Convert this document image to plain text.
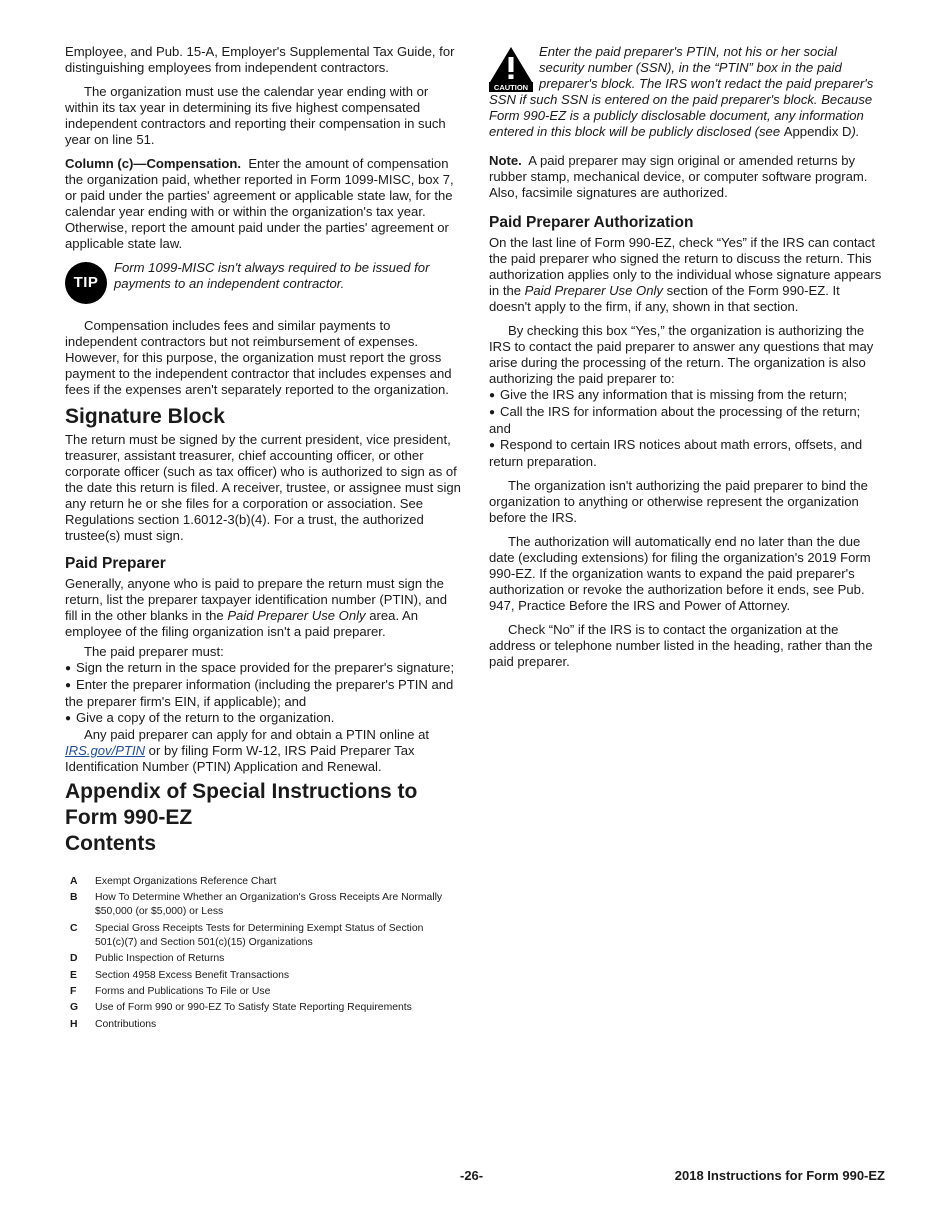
Employee, and Pub. 15-A, Employer's Supplemental Tax Guide, for distinguishing employees from independent contractors.

The organization must use the calendar year ending with or within its tax year in determining its five highest compensated independent contractors and reporting their compensation in such year on line 51.

Column (c)—Compensation. Enter the amount of compensation the organization paid, whether reported in Form 1099-MISC, box 7, or paid under the parties' agreement or applicable state law, for the calendar year ending with or within the organization's tax year. Otherwise, report the amount paid under the parties' agreement or applicable state law.

TIP
Form 1099-MISC isn't always required to be issued for payments to an independent contractor.

Compensation includes fees and similar payments to independent contractors but not reimbursement of expenses. However, for this purpose, the organization must report the gross payment to the independent contractor that includes expenses and fees if the expenses aren't separately reported to the organization.

Signature Block

The return must be signed by the current president, vice president, treasurer, assistant treasurer, chief accounting officer, or other corporate officer (such as tax officer) who is authorized to sign as of the date this return is filed. A receiver, trustee, or assignee must sign any return he or she files for a corporation or association. See Regulations section 1.6012-3(b)(4). For a trust, the authorized trustee(s) must sign.

Paid Preparer

Generally, anyone who is paid to prepare the return must sign the return, list the preparer taxpayer identification number (PTIN), and fill in the other blanks in the Paid Preparer Use Only area. An employee of the filing organization isn't a paid preparer.

The paid preparer must:

● Sign the return in the space provided for the preparer's signature;

● Enter the preparer information (including the preparer's PTIN and the preparer firm's EIN, if applicable); and

● Give a copy of the return to the organization.

Any paid preparer can apply for and obtain a PTIN online at IRS.gov/PTIN or by filing Form W-12, IRS Paid Preparer Tax Identification Number (PTIN) Application and Renewal.

Appendix of Special Instructions to Form 990-EZ
Contents
A	Exempt Organizations Reference Chart
B	How To Determine Whether an Organization's Gross Receipts Are Normally $50,000 (or $5,000) or Less
C	Special Gross Receipts Tests for Determining Exempt Status of Section 501(c)(7) and Section 501(c)(15) Organizations
D	Public Inspection of Returns
E	Section 4958 Excess Benefit Transactions
F	Forms and Publications To File or Use
G	Use of Form 990 or 990-EZ To Satisfy State Reporting Requirements
H	Contributions
CAUTION

Enter the paid preparer's PTIN, not his or her social security number (SSN), in the “PTIN” box in the paid preparer's block. The IRS won't redact the paid preparer's SSN if such SSN is entered on the paid preparer's block. Because Form 990-EZ is a publicly disclosable document, any information entered in this block will be publicly disclosed (see Appendix D).

Note. A paid preparer may sign original or amended returns by rubber stamp, mechanical device, or computer software program. Also, facsimile signatures are authorized.

Paid Preparer Authorization

On the last line of Form 990-EZ, check “Yes” if the IRS can contact the paid preparer who signed the return to discuss the return. This authorization applies only to the individual whose signature appears in the Paid Preparer Use Only section of the Form 990-EZ. It doesn't apply to the firm, if any, shown in that section.

By checking this box “Yes,” the organization is authorizing the IRS to contact the paid preparer to answer any questions that may arise during the processing of the return. The organization is also authorizing the paid preparer to:

● Give the IRS any information that is missing from the return;

● Call the IRS for information about the processing of the return; and

● Respond to certain IRS notices about math errors, offsets, and return preparation.

The organization isn't authorizing the paid preparer to bind the organization to anything or otherwise represent the organization before the IRS.

The authorization will automatically end no later than the due date (excluding extensions) for filing the organization's 2019 Form 990-EZ. If the organization wants to expand the paid preparer's authorization or revoke the authorization before it ends, see Pub. 947, Practice Before the IRS and Power of Attorney.

Check “No” if the IRS is to contact the organization at the address or telephone number listed in the heading, rather than the paid preparer.

-26-	2018 Instructions for Form 990-EZ
